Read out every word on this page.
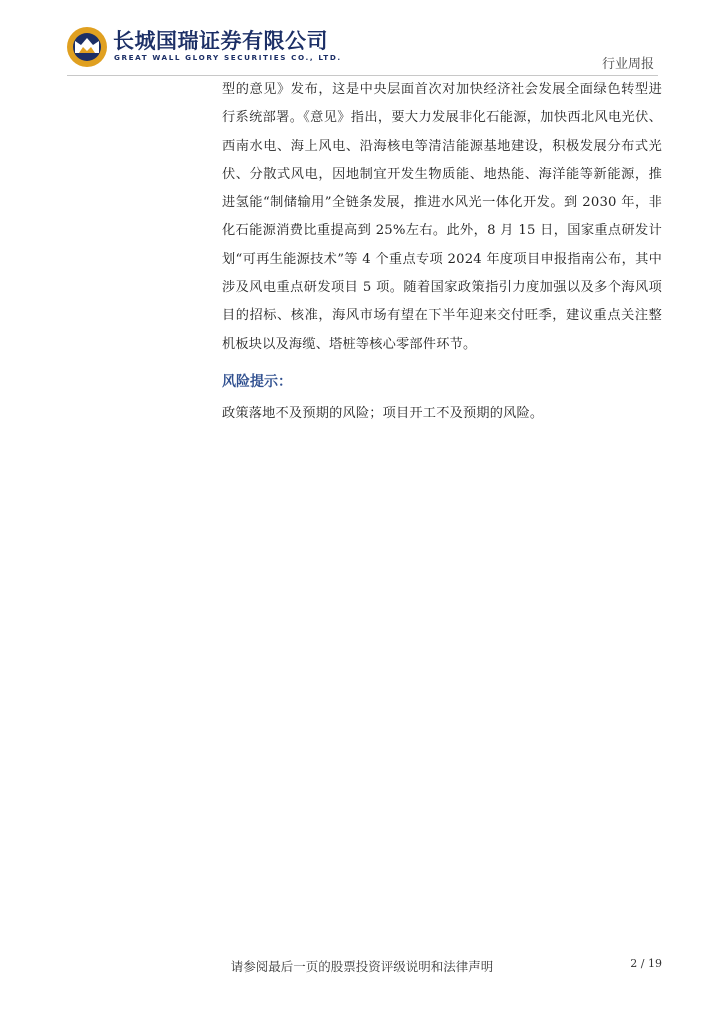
长城国瑞证券有限公司
GREAT WALL GLORY SECURITIES CO., LTD.	行业周报

型的意见》发布，这是中央层面首次对加快经济社会发展全面绿色转型进行系统部署。《意见》指出，要大力发展非化石能源，加快西北风电光伏、西南水电、海上风电、沿海核电等清洁能源基地建设，积极发展分布式光伏、分散式风电，因地制宜开发生物质能、地热能、海洋能等新能源，推进氢能“制储输用”全链条发展，推进水风光一体化开发。到 2030 年，非化石能源消费比重提高到 25%左右。此外，8 月 15 日，国家重点研发计划“可再生能源技术”等 4 个重点专项 2024 年度项目申报指南公布，其中涉及风电重点研发项目 5 项。随着国家政策指引力度加强以及多个海风项目的招标、核准，海风市场有望在下半年迎来交付旺季，建议重点关注整机板块以及海缆、塔桩等核心零部件环节。

风险提示：

政策落地不及预期的风险；项目开工不及预期的风险。

请参阅最后一页的股票投资评级说明和法律声明	2 / 19
